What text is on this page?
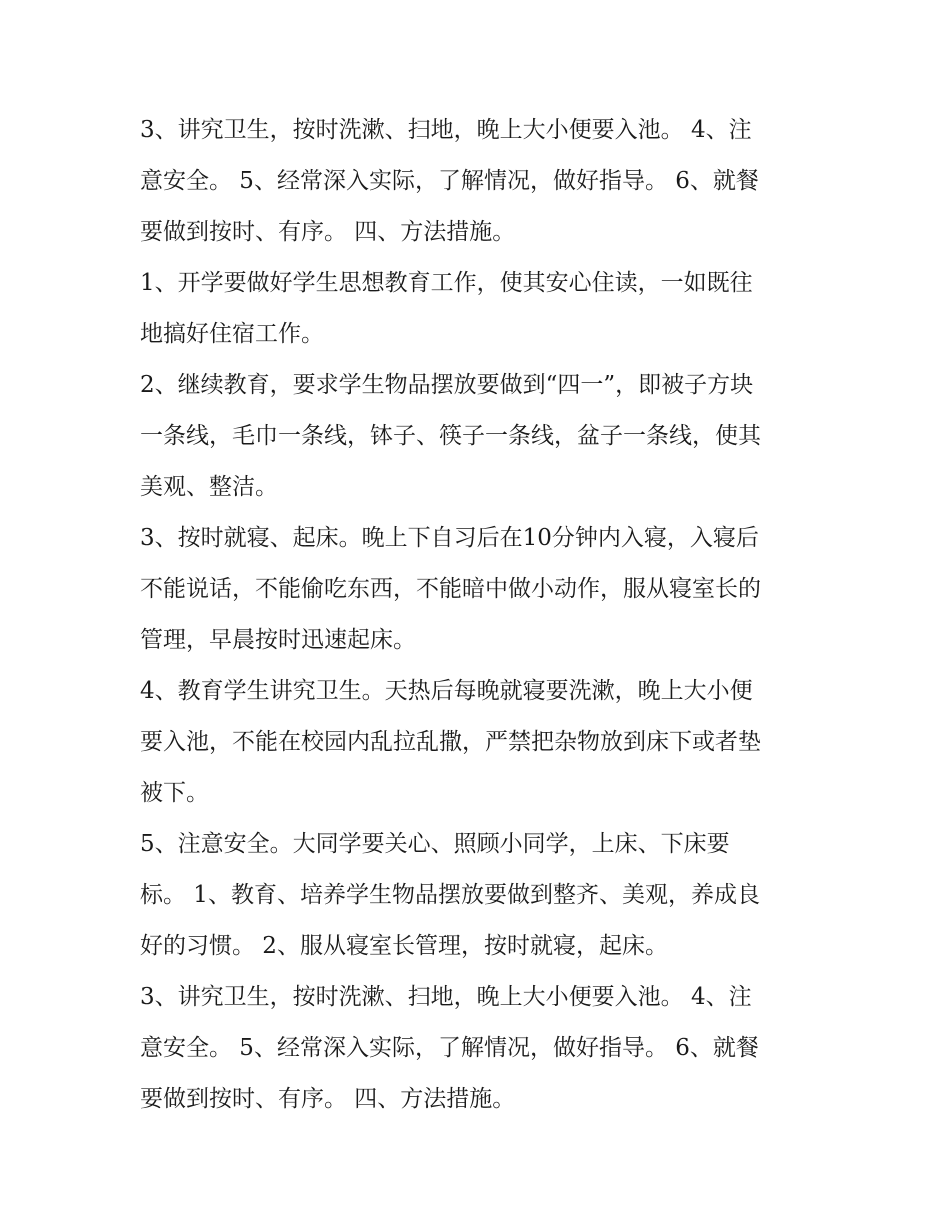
3、讲究卫生，按时洗漱、扫地，晚上大小便要入池。 4、注
意安全。 5、经常深入实际，了解情况，做好指导。 6、就餐
要做到按时、有序。 四、方法措施。

1、开学要做好学生思想教育工作，使其安心住读，一如既往
地搞好住宿工作。

2、继续教育，要求学生物品摆放要做到“四一”，即被子方块
一条线，毛巾一条线，钵子、筷子一条线，盆子一条线，使其
美观、整洁。

3、按时就寝、起床。晚上下自习后在10分钟内入寝，入寝后
不能说话，不能偷吃东西，不能暗中做小动作，服从寝室长的
管理，早晨按时迅速起床。

4、教育学生讲究卫生。天热后每晚就寝要洗漱，晚上大小便
要入池，不能在校园内乱拉乱撒，严禁把杂物放到床下或者垫
被下。

5、注意安全。大同学要关心、照顾小同学，上床、下床要
标。 1、教育、培养学生物品摆放要做到整齐、美观，养成良
好的习惯。 2、服从寝室长管理，按时就寝，起床。

3、讲究卫生，按时洗漱、扫地，晚上大小便要入池。 4、注
意安全。 5、经常深入实际，了解情况，做好指导。 6、就餐
要做到按时、有序。 四、方法措施。
